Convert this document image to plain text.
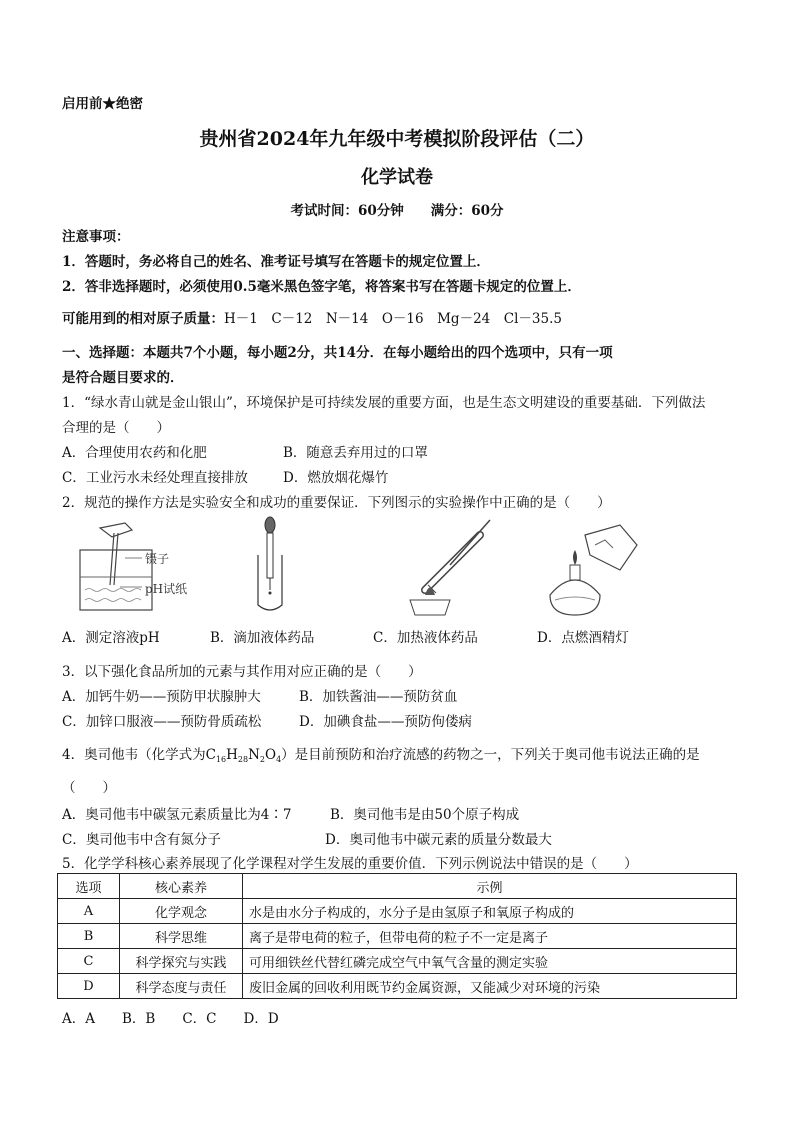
启用前★绝密
贵州省2024年九年级中考模拟阶段评估（二）
化学试卷
考试时间：60分钟　　满分：60分
注意事项：
1．答题时，务必将自己的姓名、准考证号填写在答题卡的规定位置上．
2．答非选择题时，必须使用0.5毫米黑色签字笔，将答案书写在答题卡规定的位置上．
可能用到的相对原子质量：H－1　C－12　N－14　O－16　Mg－24　Cl－35.5
一、选择题：本题共7个小题，每小题2分，共14分．在每小题给出的四个选项中，只有一项
是符合题目要求的．
1．“绿水青山就是金山银山”，环境保护是可持续发展的重要方面，也是生态文明建设的重要基础．下列做法
合理的是（　　）
A．合理使用农药和化肥	B．随意丢弃用过的口罩
C．工业污水未经处理直接排放	D．燃放烟花爆竹
2．规范的操作方法是实验安全和成功的重要保证．下列图示的实验操作中正确的是（　　）
镊子
pH试纸
A．测定溶液pH	B．滴加液体药品	C．加热液体药品	D．点燃酒精灯
3．以下强化食品所加的元素与其作用对应正确的是（　　）
A．加钙牛奶——预防甲状腺肿大	B．加铁酱油——预防贫血
C．加锌口服液——预防骨质疏松	D．加碘食盐——预防佝偻病
4．奥司他韦（化学式为$C_{16}H_{28}N_2O_4$）是目前预防和治疗流感的药物之一，下列关于奥司他韦说法正确的是
（　　）
A．奥司他韦中碳氢元素质量比为4∶7	B．奥司他韦是由50个原子构成
C．奥司他韦中含有氮分子	D．奥司他韦中碳元素的质量分数最大
5．化学学科核心素养展现了化学课程对学生发展的重要价值．下列示例说法中错误的是（　　）
选项	核心素养	示例
A	化学观念	水是由水分子构成的，水分子是由氢原子和氧原子构成的
B	科学思维	离子是带电荷的粒子，但带电荷的粒子不一定是离子
C	科学探究与实践	可用细铁丝代替红磷完成空气中氧气含量的测定实验
D	科学态度与责任	废旧金属的回收利用既节约金属资源，又能减少对环境的污染
A．A　　B．B　　C．C　　D．D
